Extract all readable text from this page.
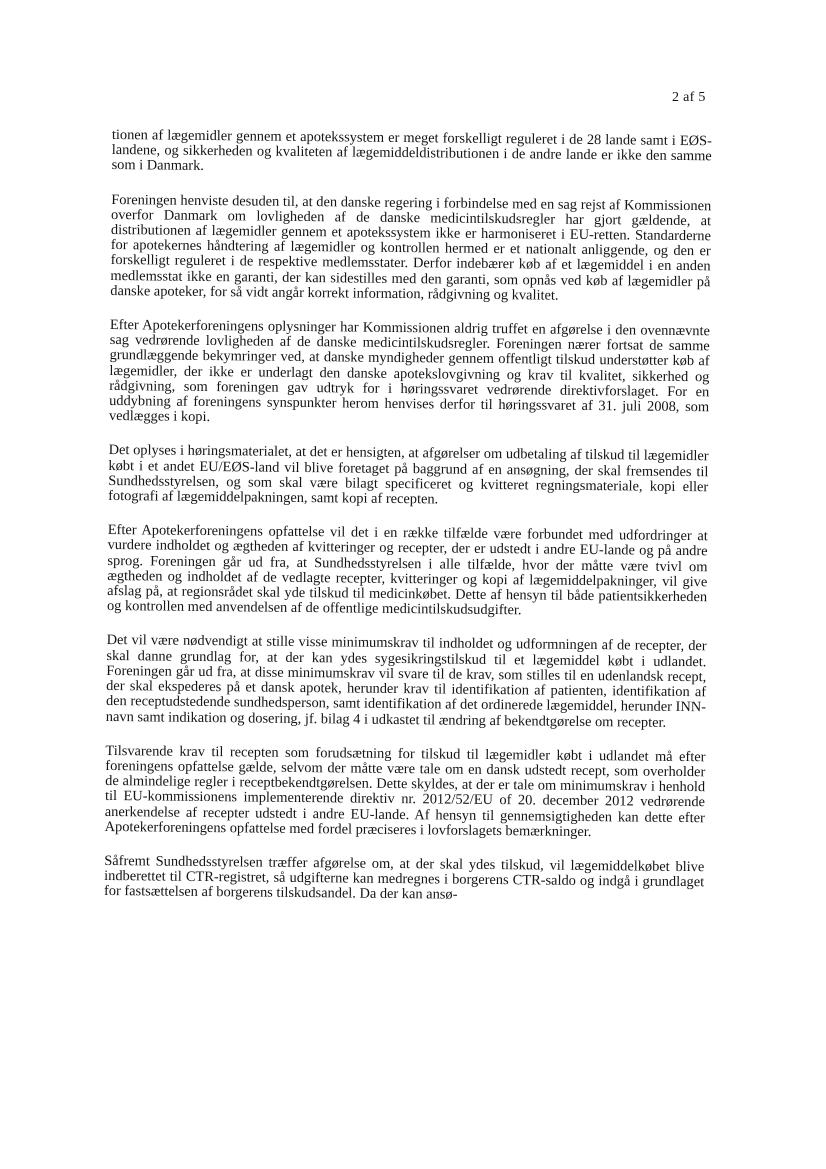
2 af 5

tionen af lægemidler gennem et apotekssystem er meget forskelligt reguleret i de 28 lande samt i EØS-landene, og sikkerheden og kvaliteten af lægemiddeldistributionen i de andre lande er ikke den samme som i Danmark.

Foreningen henviste desuden til, at den danske regering i forbindelse med en sag rejst af Kommissionen overfor Danmark om lovligheden af de danske medicintilskudsregler har gjort gældende, at distributionen af lægemidler gennem et apotekssystem ikke er harmoniseret i EU-retten. Standarderne for apotekernes håndtering af lægemidler og kontrollen hermed er et nationalt anliggende, og den er forskelligt reguleret i de respektive medlemsstater. Derfor indebærer køb af et lægemiddel i en anden medlemsstat ikke en garanti, der kan sidestilles med den garanti, som opnås ved køb af lægemidler på danske apoteker, for så vidt angår korrekt information, rådgivning og kvalitet.

Efter Apotekerforeningens oplysninger har Kommissionen aldrig truffet en afgørelse i den ovennævnte sag vedrørende lovligheden af de danske medicintilskudsregler. Foreningen nærer fortsat de samme grundlæggende bekymringer ved, at danske myndigheder gennem offentligt tilskud understøtter køb af lægemidler, der ikke er underlagt den danske apotekslovgivning og krav til kvalitet, sikkerhed og rådgivning, som foreningen gav udtryk for i høringssvaret vedrørende direktivforslaget. For en uddybning af foreningens synspunkter herom henvises derfor til høringssvaret af 31. juli 2008, som vedlægges i kopi.

Det oplyses i høringsmaterialet, at det er hensigten, at afgørelser om udbetaling af tilskud til lægemidler købt i et andet EU/EØS-land vil blive foretaget på baggrund af en ansøgning, der skal fremsendes til Sundhedsstyrelsen, og som skal være bilagt specificeret og kvitteret regningsmateriale, kopi eller fotografi af lægemiddelpakningen, samt kopi af recepten.

Efter Apotekerforeningens opfattelse vil det i en række tilfælde være forbundet med udfordringer at vurdere indholdet og ægtheden af kvitteringer og recepter, der er udstedt i andre EU-lande og på andre sprog. Foreningen går ud fra, at Sundhedsstyrelsen i alle tilfælde, hvor der måtte være tvivl om ægtheden og indholdet af de vedlagte recepter, kvitteringer og kopi af lægemiddelpakninger, vil give afslag på, at regionsrådet skal yde tilskud til medicinkøbet. Dette af hensyn til både patientsikkerheden og kontrollen med anvendelsen af de offentlige medicintilskudsudgifter.

Det vil være nødvendigt at stille visse minimumskrav til indholdet og udformningen af de recepter, der skal danne grundlag for, at der kan ydes sygesikringstilskud til et lægemiddel købt i udlandet. Foreningen går ud fra, at disse minimumskrav vil svare til de krav, som stilles til en udenlandsk recept, der skal ekspederes på et dansk apotek, herunder krav til identifikation af patienten, identifikation af den receptudstedende sundhedsperson, samt identifikation af det ordinerede lægemiddel, herunder INN-navn samt indikation og dosering, jf. bilag 4 i udkastet til ændring af bekendtgørelse om recepter.

Tilsvarende krav til recepten som forudsætning for tilskud til lægemidler købt i udlandet må efter foreningens opfattelse gælde, selvom der måtte være tale om en dansk udstedt recept, som overholder de almindelige regler i receptbekendtgørelsen. Dette skyldes, at der er tale om minimumskrav i henhold til EU-kommissionens implementerende direktiv nr. 2012/52/EU of 20. december 2012 vedrørende anerkendelse af recepter udstedt i andre EU-lande. Af hensyn til gennemsigtigheden kan dette efter Apotekerforeningens opfattelse med fordel præciseres i lovforslagets bemærkninger.

Såfremt Sundhedsstyrelsen træffer afgørelse om, at der skal ydes tilskud, vil lægemiddelkøbet blive indberettet til CTR-registret, så udgifterne kan medregnes i borgerens CTR-saldo og indgå i grundlaget for fastsættelsen af borgerens tilskudsandel. Da der kan ansø-
